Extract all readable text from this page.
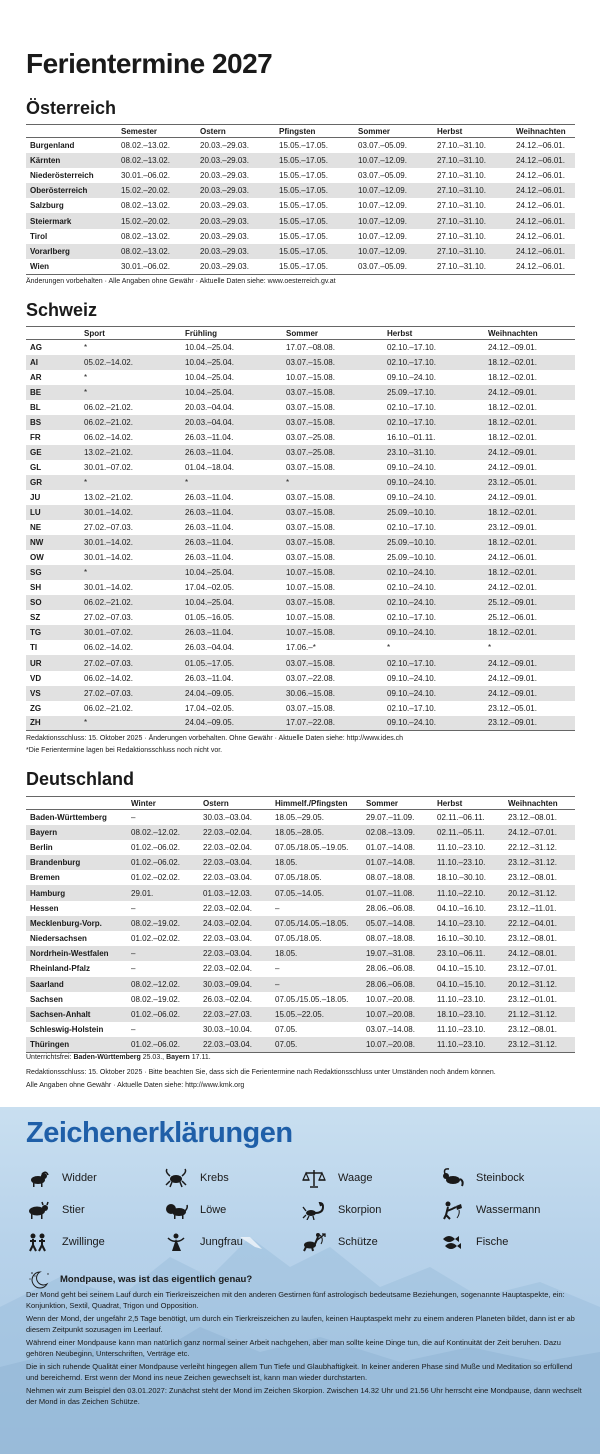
Ferientermine 2027
Österreich
	Semester	Ostern	Pfingsten	Sommer	Herbst	Weihnachten
Burgenland	08.02.–13.02.	20.03.–29.03.	15.05.–17.05.	03.07.–05.09.	27.10.–31.10.	24.12.–06.01.
Kärnten	08.02.–13.02.	20.03.–29.03.	15.05.–17.05.	10.07.–12.09.	27.10.–31.10.	24.12.–06.01.
Niederösterreich	30.01.–06.02.	20.03.–29.03.	15.05.–17.05.	03.07.–05.09.	27.10.–31.10.	24.12.–06.01.
Oberösterreich	15.02.–20.02.	20.03.–29.03.	15.05.–17.05.	10.07.–12.09.	27.10.–31.10.	24.12.–06.01.
Salzburg	08.02.–13.02.	20.03.–29.03.	15.05.–17.05.	10.07.–12.09.	27.10.–31.10.	24.12.–06.01.
Steiermark	15.02.–20.02.	20.03.–29.03.	15.05.–17.05.	10.07.–12.09.	27.10.–31.10.	24.12.–06.01.
Tirol	08.02.–13.02.	20.03.–29.03.	15.05.–17.05.	10.07.–12.09.	27.10.–31.10.	24.12.–06.01.
Vorarlberg	08.02.–13.02.	20.03.–29.03.	15.05.–17.05.	10.07.–12.09.	27.10.–31.10.	24.12.–06.01.
Wien	30.01.–06.02.	20.03.–29.03.	15.05.–17.05.	03.07.–05.09.	27.10.–31.10.	24.12.–06.01.
Änderungen vorbehalten · Alle Angaben ohne Gewähr · Aktuelle Daten siehe: www.oesterreich.gv.at
Schweiz
	Sport	Frühling	Sommer	Herbst	Weihnachten
AG	*	10.04.–25.04.	17.07.–08.08.	02.10.–17.10.	24.12.–09.01.
AI	05.02.–14.02.	10.04.–25.04.	03.07.–15.08.	02.10.–17.10.	18.12.–02.01.
AR	*	10.04.–25.04.	10.07.–15.08.	09.10.–24.10.	18.12.–02.01.
BE	*	10.04.–25.04.	03.07.–15.08.	25.09.–17.10.	24.12.–09.01.
BL	06.02.–21.02.	20.03.–04.04.	03.07.–15.08.	02.10.–17.10.	18.12.–02.01.
BS	06.02.–21.02.	20.03.–04.04.	03.07.–15.08.	02.10.–17.10.	18.12.–02.01.
FR	06.02.–14.02.	26.03.–11.04.	03.07.–25.08.	16.10.–01.11.	18.12.–02.01.
GE	13.02.–21.02.	26.03.–11.04.	03.07.–25.08.	23.10.–31.10.	24.12.–09.01.
GL	30.01.–07.02.	01.04.–18.04.	03.07.–15.08.	09.10.–24.10.	24.12.–09.01.
GR	*	*	*	09.10.–24.10.	23.12.–05.01.
JU	13.02.–21.02.	26.03.–11.04.	03.07.–15.08.	09.10.–24.10.	24.12.–09.01.
LU	30.01.–14.02.	26.03.–11.04.	03.07.–15.08.	25.09.–10.10.	18.12.–02.01.
NE	27.02.–07.03.	26.03.–11.04.	03.07.–15.08.	02.10.–17.10.	23.12.–09.01.
NW	30.01.–14.02.	26.03.–11.04.	03.07.–15.08.	25.09.–10.10.	18.12.–02.01.
OW	30.01.–14.02.	26.03.–11.04.	03.07.–15.08.	25.09.–10.10.	24.12.–06.01.
SG	*	10.04.–25.04.	10.07.–15.08.	02.10.–24.10.	18.12.–02.01.
SH	30.01.–14.02.	17.04.–02.05.	10.07.–15.08.	02.10.–24.10.	24.12.–02.01.
SO	06.02.–21.02.	10.04.–25.04.	03.07.–15.08.	02.10.–24.10.	25.12.–09.01.
SZ	27.02.–07.03.	01.05.–16.05.	10.07.–15.08.	02.10.–17.10.	25.12.–06.01.
TG	30.01.–07.02.	26.03.–11.04.	10.07.–15.08.	09.10.–24.10.	18.12.–02.01.
TI	06.02.–14.02.	26.03.–04.04.	17.06.–*	*	*
UR	27.02.–07.03.	01.05.–17.05.	03.07.–15.08.	02.10.–17.10.	24.12.–09.01.
VD	06.02.–14.02.	26.03.–11.04.	03.07.–22.08.	09.10.–24.10.	24.12.–09.01.
VS	27.02.–07.03.	24.04.–09.05.	30.06.–15.08.	09.10.–24.10.	24.12.–09.01.
ZG	06.02.–21.02.	17.04.–02.05.	03.07.–15.08.	02.10.–17.10.	23.12.–05.01.
ZH	*	24.04.–09.05.	17.07.–22.08.	09.10.–24.10.	23.12.–09.01.
Redaktionsschluss: 15. Oktober 2025 · Änderungen vorbehalten. Ohne Gewähr · Aktuelle Daten siehe: http://www.ides.ch
*Die Ferientermine lagen bei Redaktionsschluss noch nicht vor.
Deutschland
	Winter	Ostern	Himmelf./Pfingsten	Sommer	Herbst	Weihnachten
Baden-Württemberg	–	30.03.–03.04.	18.05.–29.05.	29.07.–11.09.	02.11.–06.11.	23.12.–08.01.
Bayern	08.02.–12.02.	22.03.–02.04.	18.05.–28.05.	02.08.–13.09.	02.11.–05.11.	24.12.–07.01.
Berlin	01.02.–06.02.	22.03.–02.04.	07.05./18.05.–19.05.	01.07.–14.08.	11.10.–23.10.	22.12.–31.12.
Brandenburg	01.02.–06.02.	22.03.–03.04.	18.05.	01.07.–14.08.	11.10.–23.10.	23.12.–31.12.
Bremen	01.02.–02.02.	22.03.–03.04.	07.05./18.05.	08.07.–18.08.	18.10.–30.10.	23.12.–08.01.
Hamburg	29.01.	01.03.–12.03.	07.05.–14.05.	01.07.–11.08.	11.10.–22.10.	20.12.–31.12.
Hessen	–	22.03.–02.04.	–	28.06.–06.08.	04.10.–16.10.	23.12.–11.01.
Mecklenburg-Vorp.	08.02.–19.02.	24.03.–02.04.	07.05./14.05.–18.05.	05.07.–14.08.	14.10.–23.10.	22.12.–04.01.
Niedersachsen	01.02.–02.02.	22.03.–03.04.	07.05./18.05.	08.07.–18.08.	16.10.–30.10.	23.12.–08.01.
Nordrhein-Westfalen	–	22.03.–03.04.	18.05.	19.07.–31.08.	23.10.–06.11.	24.12.–08.01.
Rheinland-Pfalz	–	22.03.–02.04.	–	28.06.–06.08.	04.10.–15.10.	23.12.–07.01.
Saarland	08.02.–12.02.	30.03.–09.04.	–	28.06.–06.08.	04.10.–15.10.	20.12.–31.12.
Sachsen	08.02.–19.02.	26.03.–02.04.	07.05./15.05.–18.05.	10.07.–20.08.	11.10.–23.10.	23.12.–01.01.
Sachsen-Anhalt	01.02.–06.02.	22.03.–27.03.	15.05.–22.05.	10.07.–20.08.	18.10.–23.10.	21.12.–31.12.
Schleswig-Holstein	–	30.03.–10.04.	07.05.	03.07.–14.08.	11.10.–23.10.	23.12.–08.01.
Thüringen	01.02.–06.02.	22.03.–03.04.	07.05.	10.07.–20.08.	11.10.–23.10.	23.12.–31.12.
Unterrichtsfrei: Baden-Württemberg 25.03., Bayern 17.11.
Redaktionsschluss: 15. Oktober 2025 · Bitte beachten Sie, dass sich die Ferientermine nach Redaktionsschluss unter Umständen noch ändern können.
Alle Angaben ohne Gewähr · Aktuelle Daten siehe: http://www.kmk.org
Zeichenerklärungen
Widder	Krebs	Waage	Steinbock
Stier	Löwe	Skorpion	Wassermann
Zwillinge	Jungfrau	Schütze	Fische
Mondpause, was ist das eigentlich genau?

Der Mond geht bei seinem Lauf durch ein Tierkreiszeichen mit den anderen Gestirnen fünf astrologisch bedeutsame Beziehungen, sogenannte Hauptaspekte, ein: Konjunktion, Sextil, Quadrat, Trigon und Opposition.

Wenn der Mond, der ungefähr 2,5 Tage benötigt, um durch ein Tierkreiszeichen zu laufen, keinen Hauptaspekt mehr zu einem anderen Planeten bildet, dann ist er ab diesem Zeitpunkt sozusagen im Leerlauf.

Während einer Mondpause kann man natürlich ganz normal seiner Arbeit nachgehen, aber man sollte keine Dinge tun, die auf Kontinuität der Zeit beruhen. Dazu gehören Neubeginn, Unterschriften, Verträge etc.

Die in sich ruhende Qualität einer Mondpause verleiht hingegen allem Tun Tiefe und Glaubhaftigkeit. In keiner anderen Phase sind Muße und Meditation so erfüllend und bereichernd. Erst wenn der Mond ins neue Zeichen gewechselt ist, kann man wieder durchstarten.

Nehmen wir zum Beispiel den 03.01.2027: Zunächst steht der Mond im Zeichen Skorpion. Zwischen 14.32 Uhr und 21.56 Uhr herrscht eine Mondpause, dann wechselt der Mond in das Zeichen Schütze.
